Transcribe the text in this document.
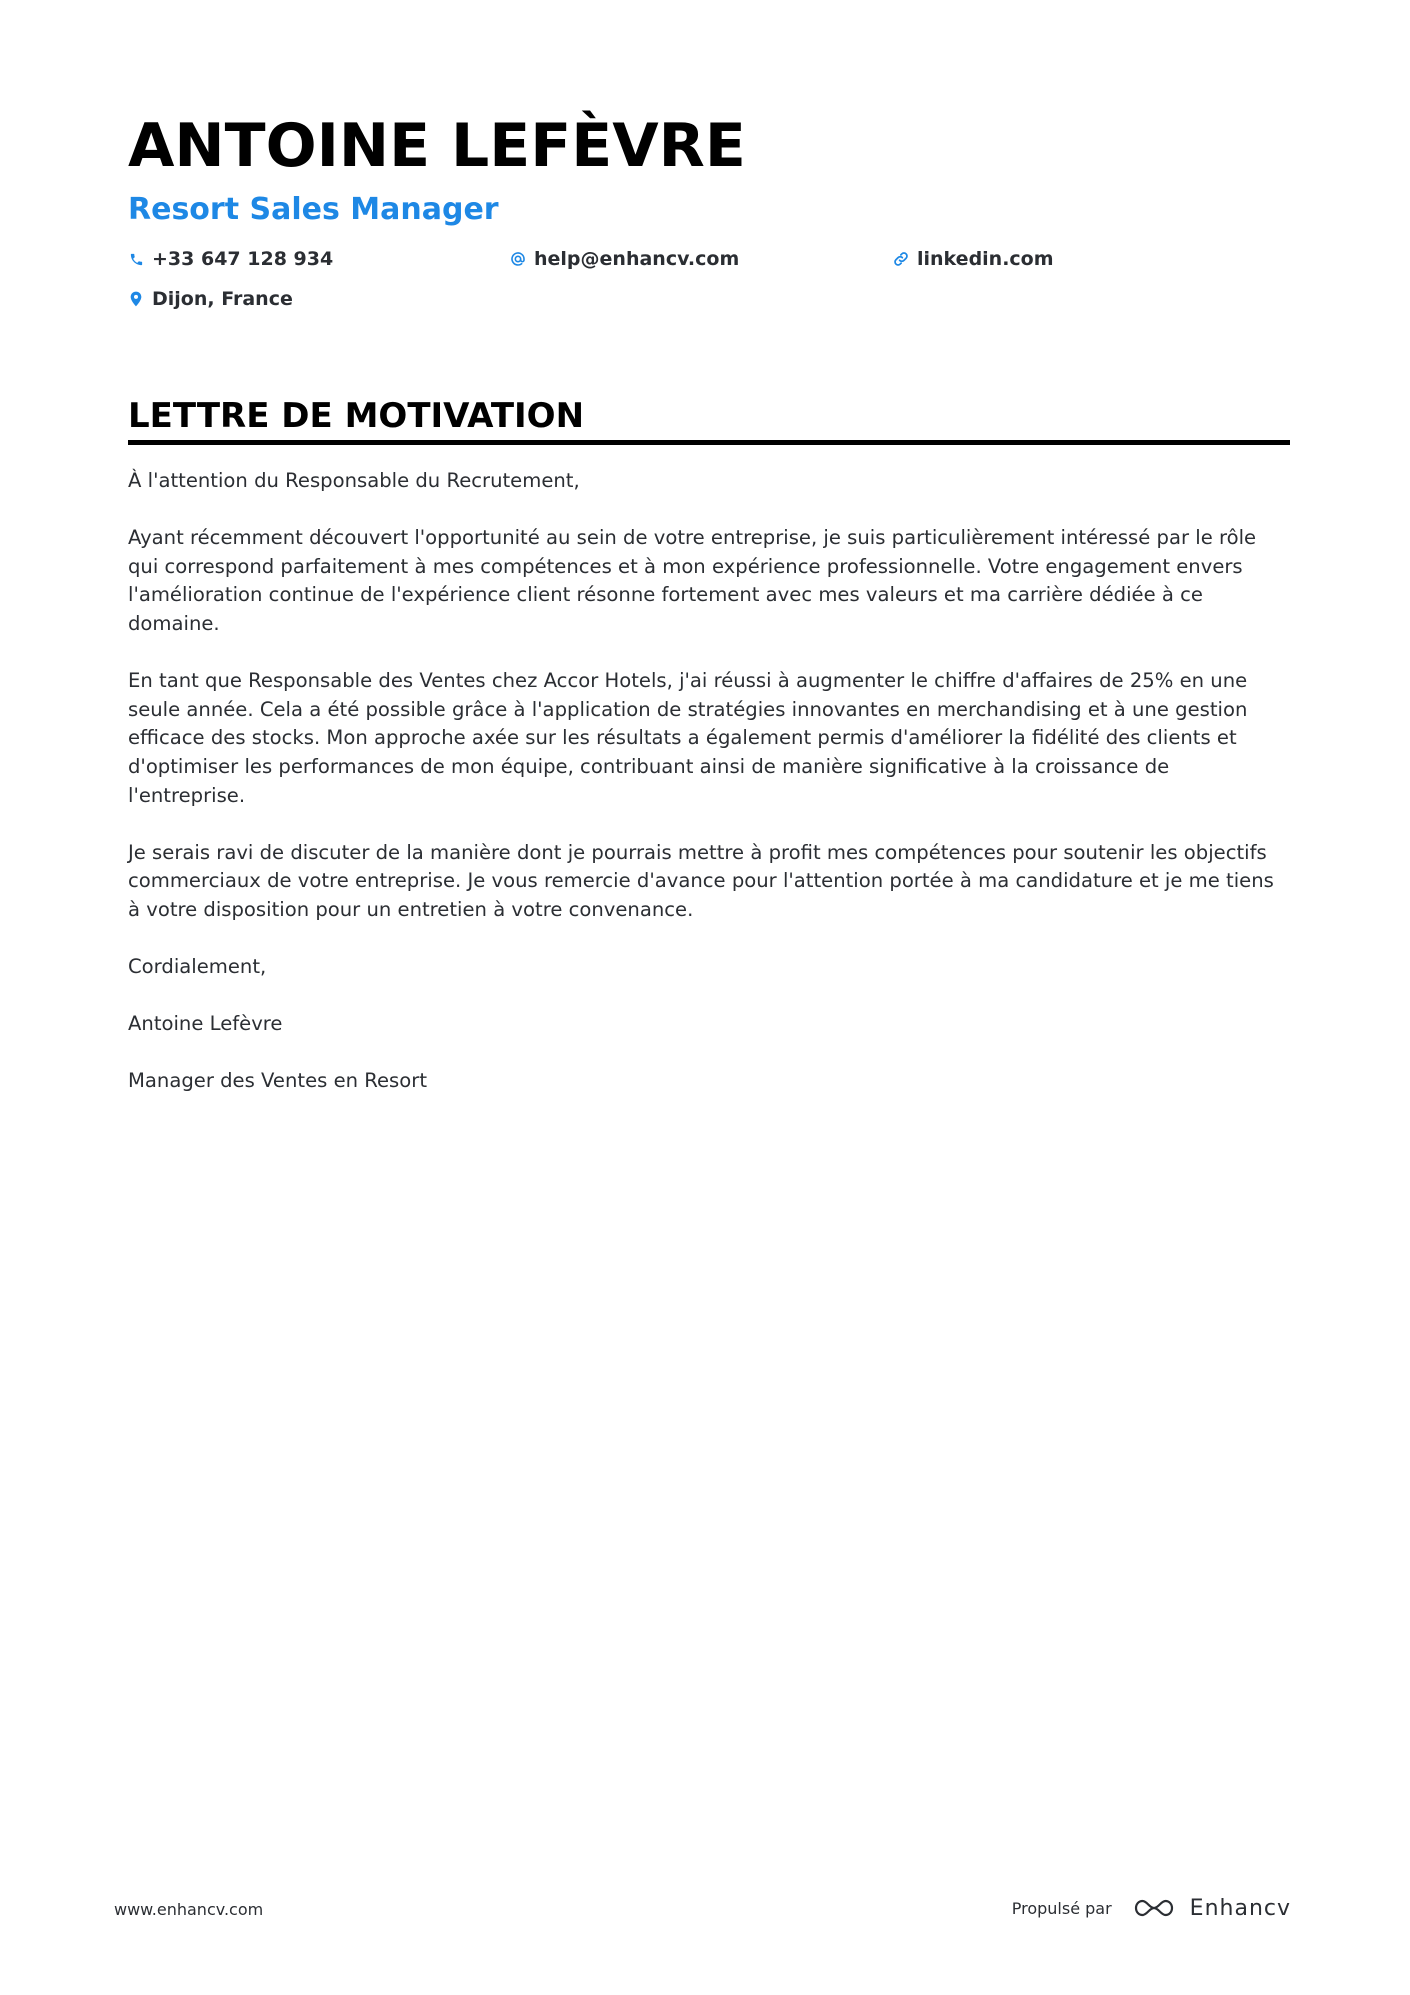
ANTOINE LEFÈVRE
Resort Sales Manager
+33 647 128 934	help@enhancv.com	linkedin.com
Dijon, France
LETTRE DE MOTIVATION

À l'attention du Responsable du Recrutement,

Ayant récemment découvert l'opportunité au sein de votre entreprise, je suis particulièrement intéressé par le rôle qui correspond parfaitement à mes compétences et à mon expérience professionnelle. Votre engagement envers l'amélioration continue de l'expérience client résonne fortement avec mes valeurs et ma carrière dédiée à ce domaine.

En tant que Responsable des Ventes chez Accor Hotels, j'ai réussi à augmenter le chiffre d'affaires de 25% en une seule année. Cela a été possible grâce à l'application de stratégies innovantes en merchandising et à une gestion efficace des stocks. Mon approche axée sur les résultats a également permis d'améliorer la fidélité des clients et d'optimiser les performances de mon équipe, contribuant ainsi de manière significative à la croissance de l'entreprise.

Je serais ravi de discuter de la manière dont je pourrais mettre à profit mes compétences pour soutenir les objectifs commerciaux de votre entreprise. Je vous remercie d'avance pour l'attention portée à ma candidature et je me tiens à votre disposition pour un entretien à votre convenance.

Cordialement,

Antoine Lefèvre

Manager des Ventes en Resort

www.enhancv.com	Propulsé par	Enhancv
